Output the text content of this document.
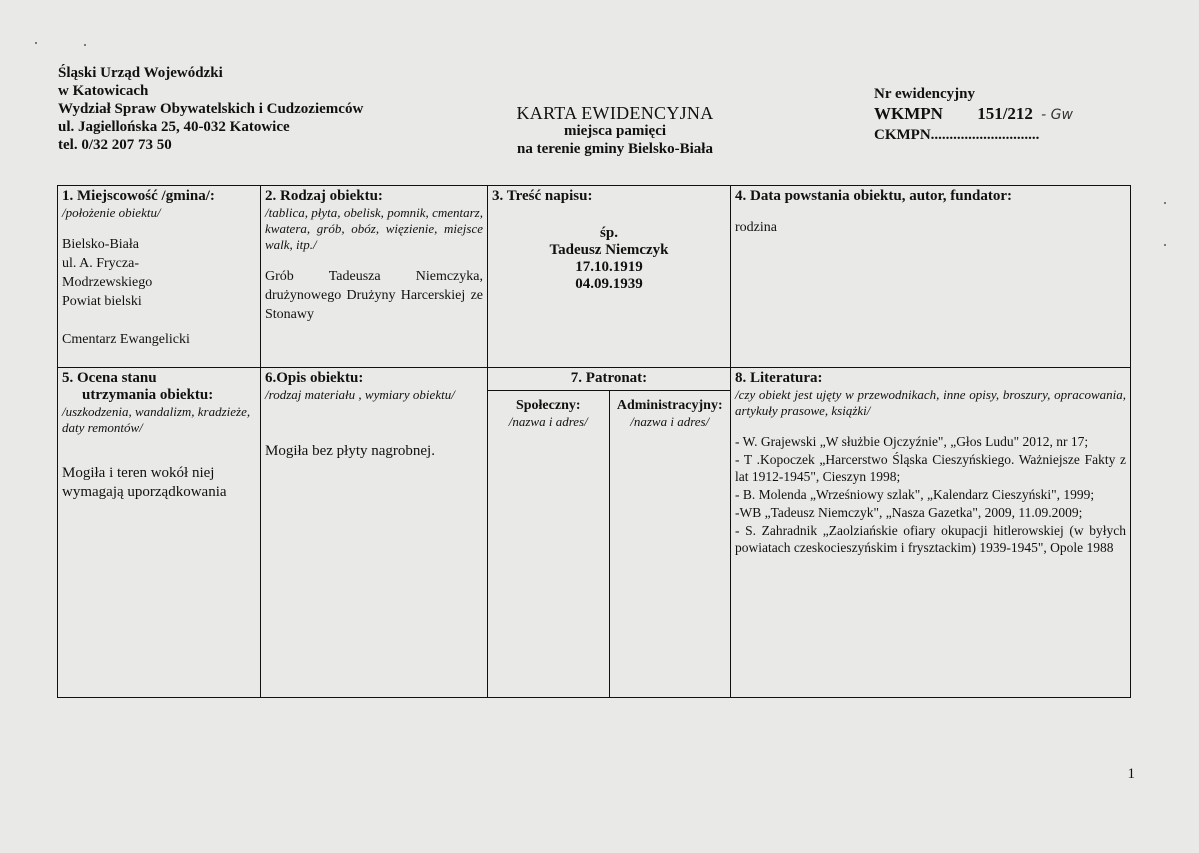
Śląski Urząd Wojewódzki
w Katowicach
Wydział Spraw Obywatelskich i Cudzoziemców
ul. Jagiellońska 25, 40-032 Katowice
tel. 0/32 207 73 50
KARTA EWIDENCYJNA
miejsca pamięci
na terenie gminy Bielsko-Biała
Nr ewidencyjny
WKMPN 151/212 - Gw
CKMPN.............................
1. Miejscowość /gmina/:
/położenie obiektu/
Bielsko-Biała
ul. A. Frycza-
Modrzewskiego
Powiat bielski
Cmentarz Ewangelicki

2. Rodzaj obiektu:
/tablica, płyta, obelisk, pomnik, cmentarz, kwatera, grób, obóz, więzienie, miejsce walk, itp./
Grób Tadeusza Niemczyka, drużynowego Drużyny Harcerskiej ze Stonawy

3. Treść napisu:
śp.
Tadeusz Niemczyk
17.10.1919
04.09.1939

4. Data powstania obiektu, autor, fundator:
rodzina

5. Ocena stanu
utrzymania obiektu:
/uszkodzenia, wandalizm, kradzieże, daty remontów/
Mogiła i teren wokół niej wymagają uporządkowania

6.Opis obiektu:
/rodzaj materiału , wymiary obiektu/
Mogiła bez płyty nagrobnej.

7. Patronat:

Społeczny:
/nazwa i adres/

Administracyjny:
/nazwa i adres/

8. Literatura:
/czy obiekt jest ujęty w przewodnikach, inne opisy, broszury, opracowania, artykuły prasowe, książki/

- W. Grajewski „W służbie Ojczyźnie", „Głos Ludu" 2012, nr 17;

- T .Kopoczek „Harcerstwo Śląska Cieszyńskiego. Ważniejsze Fakty z lat 1912-1945", Cieszyn 1998;

- B. Molenda „Wrześniowy szlak", „Kalendarz Cieszyński", 1999;

-WB „Tadeusz Niemczyk", „Nasza Gazetka", 2009, 11.09.2009;

- S. Zahradnik „Zaolziańskie ofiary okupacji hitlerowskiej (w byłych powiatach czeskocieszyńskim i frysztackim) 1939-1945", Opole 1988

1
